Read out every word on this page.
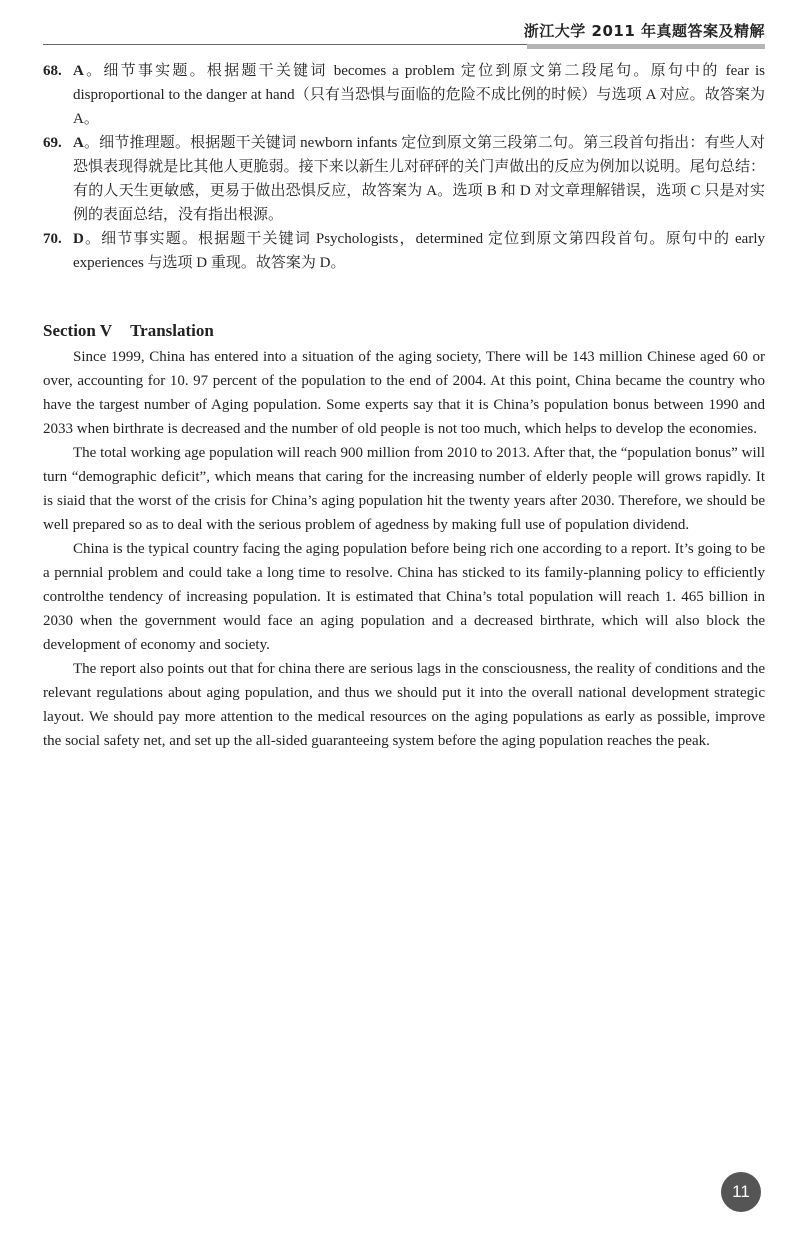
浙江大学 2011 年真题答案及精解
68. A。细节事实题。根据题干关键词 becomes a problem 定位到原文第二段尾句。原句中的 fear is disproportional to the danger at hand（只有当恐惧与面临的危险不成比例的时候）与选项 A 对应。故答案为 A。
69. A。细节推理题。根据题干关键词 newborn infants 定位到原文第三段第二句。第三段首句指出：有些人对恐惧表现得就是比其他人更脆弱。接下来以新生儿对砰砰的关门声做出的反应为例加以说明。尾句总结：有的人天生更敏感，更易于做出恐惧反应，故答案为 A。选项 B 和 D 对文章理解错误，选项 C 只是对实例的表面总结，没有指出根源。
70. D。细节事实题。根据题干关键词 Psychologists，determined 定位到原文第四段首句。原句中的 early experiences 与选项 D 重现。故答案为 D。
Section V Translation

Since 1999, China has entered into a situation of the aging society, There will be 143 million Chinese aged 60 or over, accounting for 10. 97 percent of the population to the end of 2004. At this point, China became the country who have the targest number of Aging population. Some experts say that it is China’s population bonus between 1990 and 2033 when birthrate is decreased and the number of old people is not too much, which helps to develop the economies.

The total working age population will reach 900 million from 2010 to 2013. After that, the “population bonus” will turn “demographic deficit”, which means that caring for the increasing number of elderly people will grows rapidly. It is siaid that the worst of the crisis for China’s aging population hit the twenty years after 2030. Therefore, we should be well prepared so as to deal with the serious problem of agedness by making full use of population dividend.

China is the typical country facing the aging population before being rich one according to a report. It’s going to be a pernnial problem and could take a long time to resolve. China has sticked to its family-planning policy to efficiently controlthe tendency of increasing population. It is estimated that China’s total population will reach 1. 465 billion in 2030 when the government would face an aging population and a decreased birthrate, which will also block the development of economy and society.

The report also points out that for china there are serious lags in the consciousness, the reality of conditions and the relevant regulations about aging population, and thus we should put it into the overall national development strategic layout. We should pay more attention to the medical resources on the aging populations as early as possible, improve the social safety net, and set up the all-sided guaranteeing system before the aging population reaches the peak.

11
